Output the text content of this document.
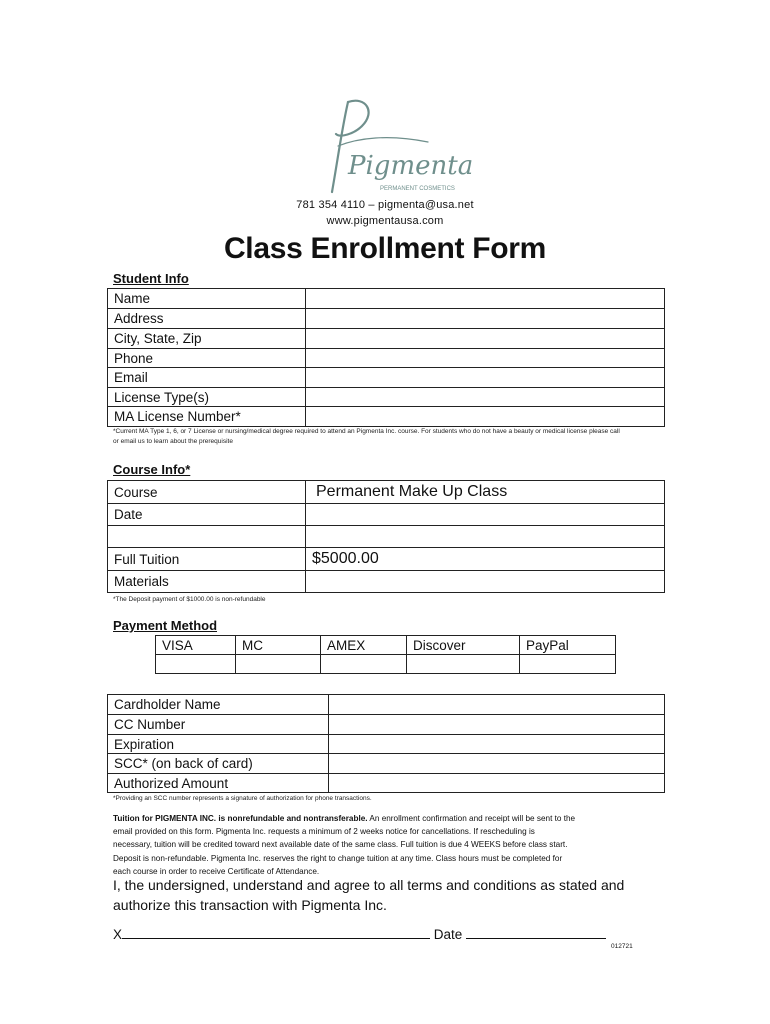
Pigmenta
PERMANENT COSMETICS
781 354 4110 – pigmenta@usa.net
www.pigmentausa.com
Class Enrollment Form
Student Info
Name	
Address	
City, State, Zip	
Phone	
Email	
License Type(s)	
MA License Number*	
*Current MA Type 1, 6, or 7 License or nursing/medical degree required to attend an Pigmenta Inc. course. For students who do not have a beauty or medical license please call
or email us to learn about the prerequisite
Course Info*
Course	Permanent Make Up Class
Date	

Full Tuition	$5000.00
Materials	
*The Deposit payment of $1000.00 is non-refundable
Payment Method
VISA	MC	AMEX	Discover	PayPal

Cardholder Name	
CC Number	
Expiration	
SCC* (on back of card)	
Authorized Amount	
*Providing an SCC number represents a signature of authorization for phone transactions.
Tuition for PIGMENTA INC. is nonrefundable and nontransferable. An enrollment confirmation and receipt will be sent to the
email provided on this form. Pigmenta Inc. requests a minimum of 2 weeks notice for cancellations. If rescheduling is
necessary, tuition will be credited toward next available date of the same class. Full tuition is due 4 WEEKS before class start.
Deposit is non-refundable. Pigmenta Inc. reserves the right to change tuition at any time. Class hours must be completed for
each course in order to receive Certificate of Attendance.
I, the undersigned, understand and agree to all terms and conditions as stated and
authorize this transaction with Pigmenta Inc.
X	Date
012721
